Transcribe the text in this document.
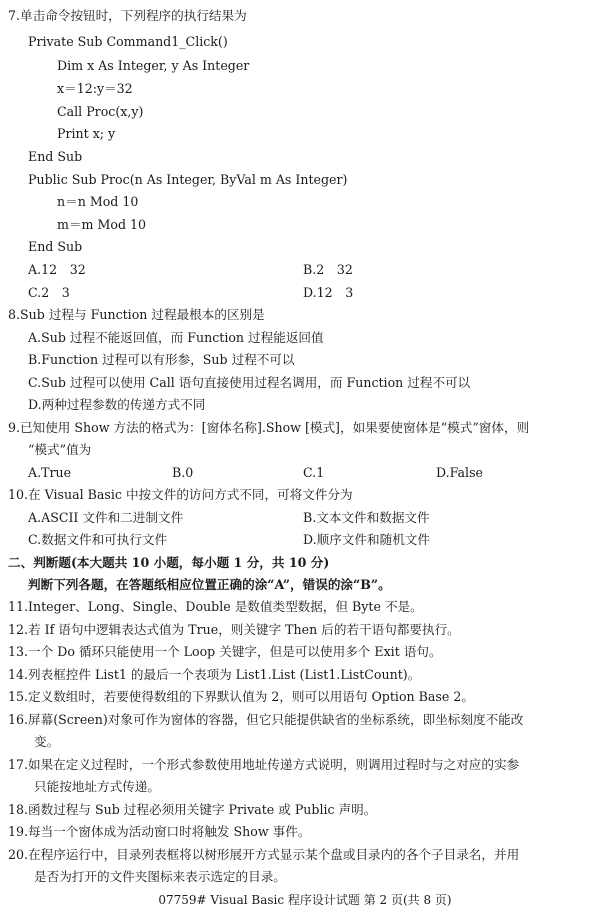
7.单击命令按钮时，下列程序的执行结果为
Private Sub Command1_Click()
Dim x As Integer, y As Integer
x＝12:y＝32
Call Proc(x,y)
Print x; y
End Sub
Public Sub Proc(n As Integer, ByVal m As Integer)
n＝n Mod 10
m＝m Mod 10
End Sub
A.12　32	B.2　32
C.2　3	D.12　3
8.Sub 过程与 Function 过程最根本的区别是
A.Sub 过程不能返回值，而 Function 过程能返回值
B.Function 过程可以有形参，Sub 过程不可以
C.Sub 过程可以使用 Call 语句直接使用过程名调用，而 Function 过程不可以
D.两种过程参数的传递方式不同
9.已知使用 Show 方法的格式为：[窗体名称].Show [模式]，如果要使窗体是“模式”窗体，则
“模式”值为
A.True	B.0	C.1	D.False
10.在 Visual Basic 中按文件的访问方式不同，可将文件分为
A.ASCII 文件和二进制文件	B.文本文件和数据文件
C.数据文件和可执行文件	D.顺序文件和随机文件
二、判断题(本大题共 10 小题，每小题 1 分，共 10 分)
判断下列各题，在答题纸相应位置正确的涂“A”，错误的涂“B”。
11.Integer、Long、Single、Double 是数值类型数据，但 Byte 不是。
12.若 If 语句中逻辑表达式值为 True，则关键字 Then 后的若干语句都要执行。
13.一个 Do 循环只能使用一个 Loop 关键字，但是可以使用多个 Exit 语句。
14.列表框控件 List1 的最后一个表项为 List1.List (List1.ListCount)。
15.定义数组时，若要使得数组的下界默认值为 2，则可以用语句 Option Base 2。
16.屏幕(Screen)对象可作为窗体的容器，但它只能提供缺省的坐标系统，即坐标刻度不能改
变。
17.如果在定义过程时，一个形式参数使用地址传递方式说明，则调用过程时与之对应的实参
只能按地址方式传递。
18.函数过程与 Sub 过程必须用关键字 Private 或 Public 声明。
19.每当一个窗体成为活动窗口时将触发 Show 事件。
20.在程序运行中，目录列表框将以树形展开方式显示某个盘或目录内的各个子目录名，并用
是否为打开的文件夹图标来表示选定的目录。
07759# Visual Basic 程序设计试题 第 2 页(共 8 页)
